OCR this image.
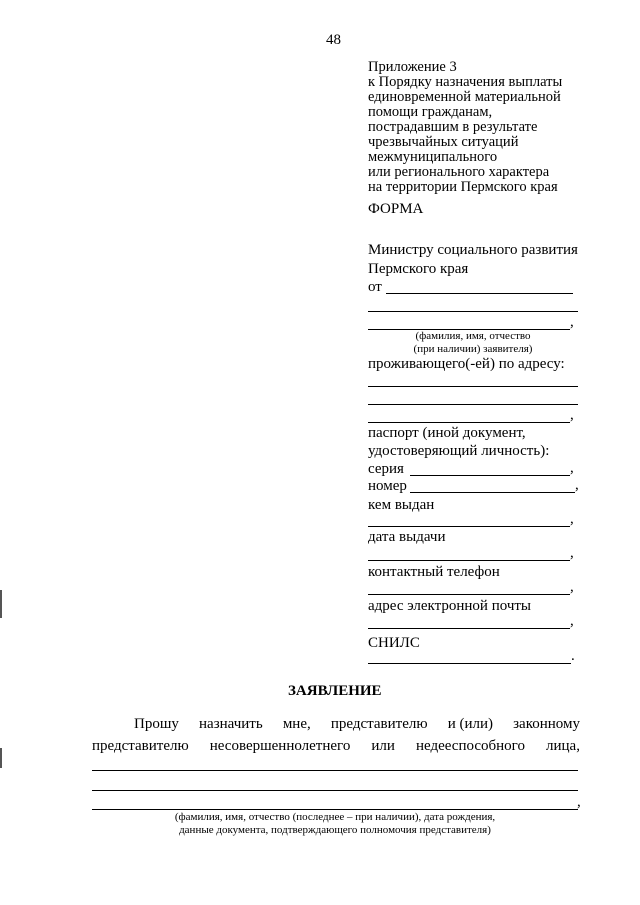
48
Приложение 3
к Порядку назначения выплаты
единовременной материальной
помощи гражданам,
пострадавшим в результате
чрезвычайных ситуаций
межмуниципального
или регионального характера
на территории Пермского края
ФОРМА
Министру социального развития
Пермского края
от
,
(фамилия, имя, отчество
(при наличии) заявителя)
проживающего(-ей) по адресу:
,
паспорт (иной документ,
удостоверяющий личность):
серия	,
номер	,
кем выдан
,
дата выдачи
,
контактный телефон
,
адрес электронной почты
,
СНИЛС
.
ЗАЯВЛЕНИЕ
Прошу назначить мне, представителю и (или) законному
представителю несовершеннолетнего или недееспособного лица,
,
(фамилия, имя, отчество (последнее – при наличии), дата рождения,
данные документа, подтверждающего полномочия представителя)
